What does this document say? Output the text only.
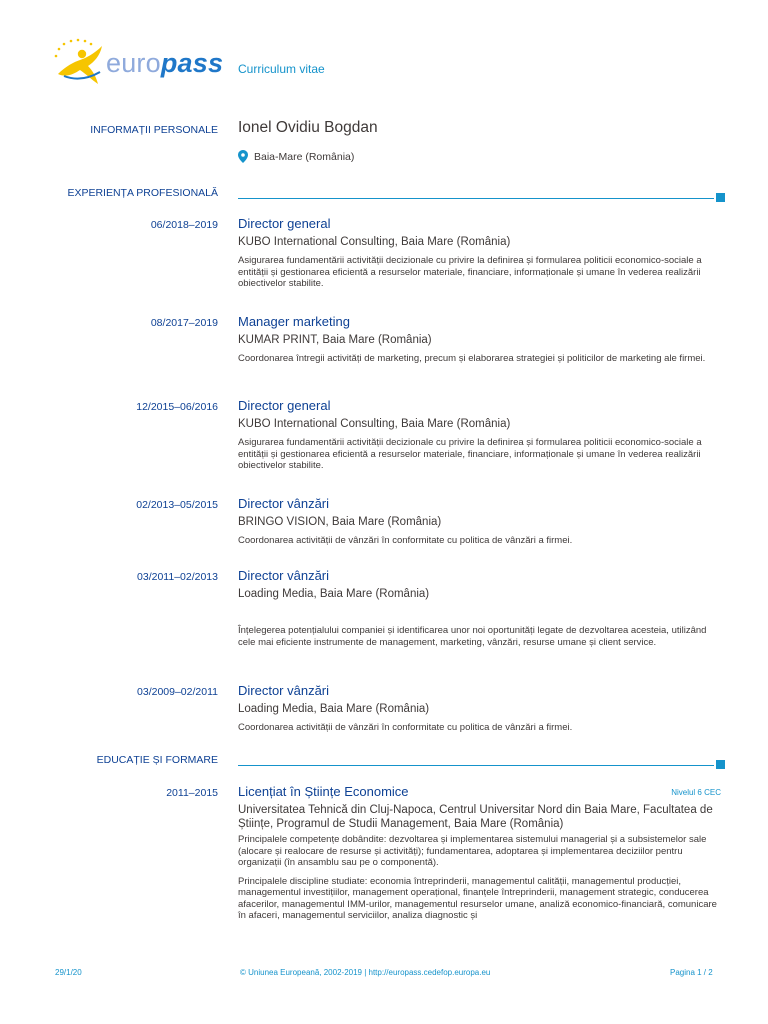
europass Curriculum vitae
INFORMAȚII PERSONALE Ionel Ovidiu Bogdan
Baia-Mare (România)
EXPERIENȚA PROFESIONALĂ
06/2018–2019 Director general
KUBO International Consulting, Baia Mare (România)
Asigurarea fundamentării activității decizionale cu privire la definirea și formularea politicii economico-sociale a entității și gestionarea eficientă a resurselor materiale, financiare, informaționale și umane în vederea realizării obiectivelor stabilite.
08/2017–2019 Manager marketing
KUMAR PRINT, Baia Mare (România)
Coordonarea întregii activități de marketing, precum și elaborarea strategiei și politicilor de marketing ale firmei.
12/2015–06/2016 Director general
KUBO International Consulting, Baia Mare (România)
Asigurarea fundamentării activității decizionale cu privire la definirea și formularea politicii economico-sociale a entității și gestionarea eficientă a resurselor materiale, financiare, informaționale și umane în vederea realizării obiectivelor stabilite.
02/2013–05/2015 Director vânzări
BRINGO VISION, Baia Mare (România)
Coordonarea activității de vânzări în conformitate cu politica de vânzări a firmei.
03/2011–02/2013 Director vânzări
Loading Media, Baia Mare (România)
Înțelegerea potențialului companiei și identificarea unor noi oportunități legate de dezvoltarea acesteia, utilizând cele mai eficiente instrumente de management, marketing, vânzări, resurse umane și client service.
03/2009–02/2011 Director vânzări
Loading Media, Baia Mare (România)
Coordonarea activității de vânzări în conformitate cu politica de vânzări a firmei.
EDUCAȚIE ȘI FORMARE
2011–2015 Licențiat în Științe Economice	Nivelul 6 CEC
Universitatea Tehnică din Cluj-Napoca, Centrul Universitar Nord din Baia Mare, Facultatea de Științe, Programul de Studii Management, Baia Mare (România)
Principalele competențe dobândite: dezvoltarea și implementarea sistemului managerial și a subsistemelor sale (alocare și realocare de resurse și activități); fundamentarea, adoptarea și implementarea deciziilor pentru organizații (în ansamblu sau pe o componentă).
Principalele discipline studiate: economia întreprinderii, managementul calității, managementul producției, managementul investițiilor, management operațional, finanțele întreprinderii, management strategic, conducerea afacerilor, managementul IMM-urilor, managementul resurselor umane, analiză economico-financiară, comunicare în afaceri, managementul serviciilor, analiza diagnostic și
29/1/20	© Uniunea Europeană, 2002-2019 | http://europass.cedefop.europa.eu	Pagina 1 / 2
